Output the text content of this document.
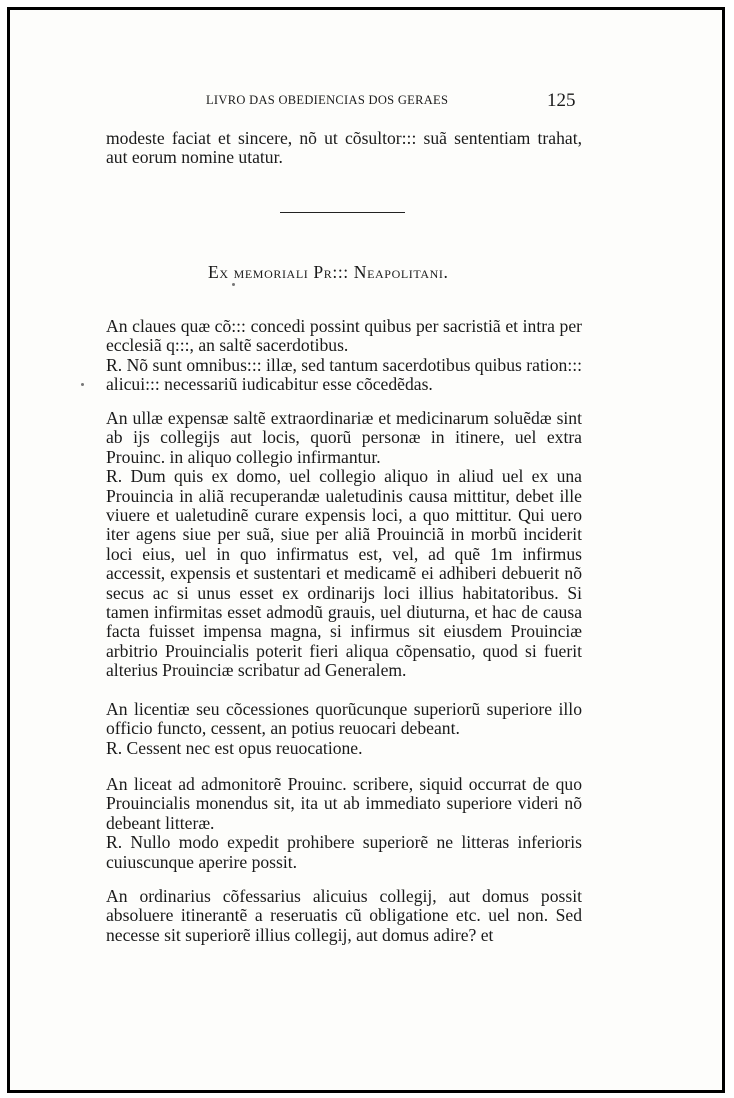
LIVRO DAS OBEDIENCIAS DOS GERAES	125

modeste faciat et sincere, nõ ut cõsultor::: suã sententiam trahat, aut eorum nomine utatur.

Ex memoriali Pr::: Neapolitani.

An claues quæ cõ::: concedi possint quibus per sacristiã et intra per ecclesiã q:::, an saltẽ sacerdotibus.

R. Nõ sunt omnibus::: illæ, sed tantum sacerdotibus quibus ration::: alicui::: necessariũ iudicabitur esse cõcedẽdas.

An ullæ expensæ saltẽ extraordinariæ et medicinarum soluẽdæ sint ab ijs collegijs aut locis, quorũ personæ in itinere, uel extra Prouinc. in aliquo collegio infirmantur.

R. Dum quis ex domo, uel collegio aliquo in aliud uel ex una Prouincia in aliã recuperandæ ualetudinis causa mittitur, debet ille viuere et ualetudinẽ curare expensis loci, a quo mittitur. Qui uero iter agens siue per suã, siue per aliã Prouinciã in morbũ inciderit loci eius, uel in quo infirmatus est, vel, ad quẽ 1m infirmus accessit, expensis et sustentari et medicamẽ ei adhiberi debuerit nõ secus ac si unus esset ex ordinarijs loci illius habitatoribus. Si tamen infirmitas esset admodũ grauis, uel diuturna, et hac de causa facta fuisset impensa magna, si infirmus sit eiusdem Prouinciæ arbitrio Prouincialis poterit fieri aliqua cõpensatio, quod si fuerit alterius Prouinciæ scribatur ad Generalem.

An licentiæ seu cõcessiones quorũcunque superiorũ superiore illo officio functo, cessent, an potius reuocari debeant.

R. Cessent nec est opus reuocatione.

An liceat ad admonitorẽ Prouinc. scribere, siquid occurrat de quo Prouincialis monendus sit, ita ut ab immediato superiore videri nõ debeant litteræ.

R. Nullo modo expedit prohibere superiorẽ ne litteras inferioris cuiuscunque aperire possit.

An ordinarius cõfessarius alicuius collegij, aut domus possit absoluere itinerantẽ a reseruatis cũ obligatione etc. uel non. Sed necesse sit superiorẽ illius collegij, aut domus adire? et
